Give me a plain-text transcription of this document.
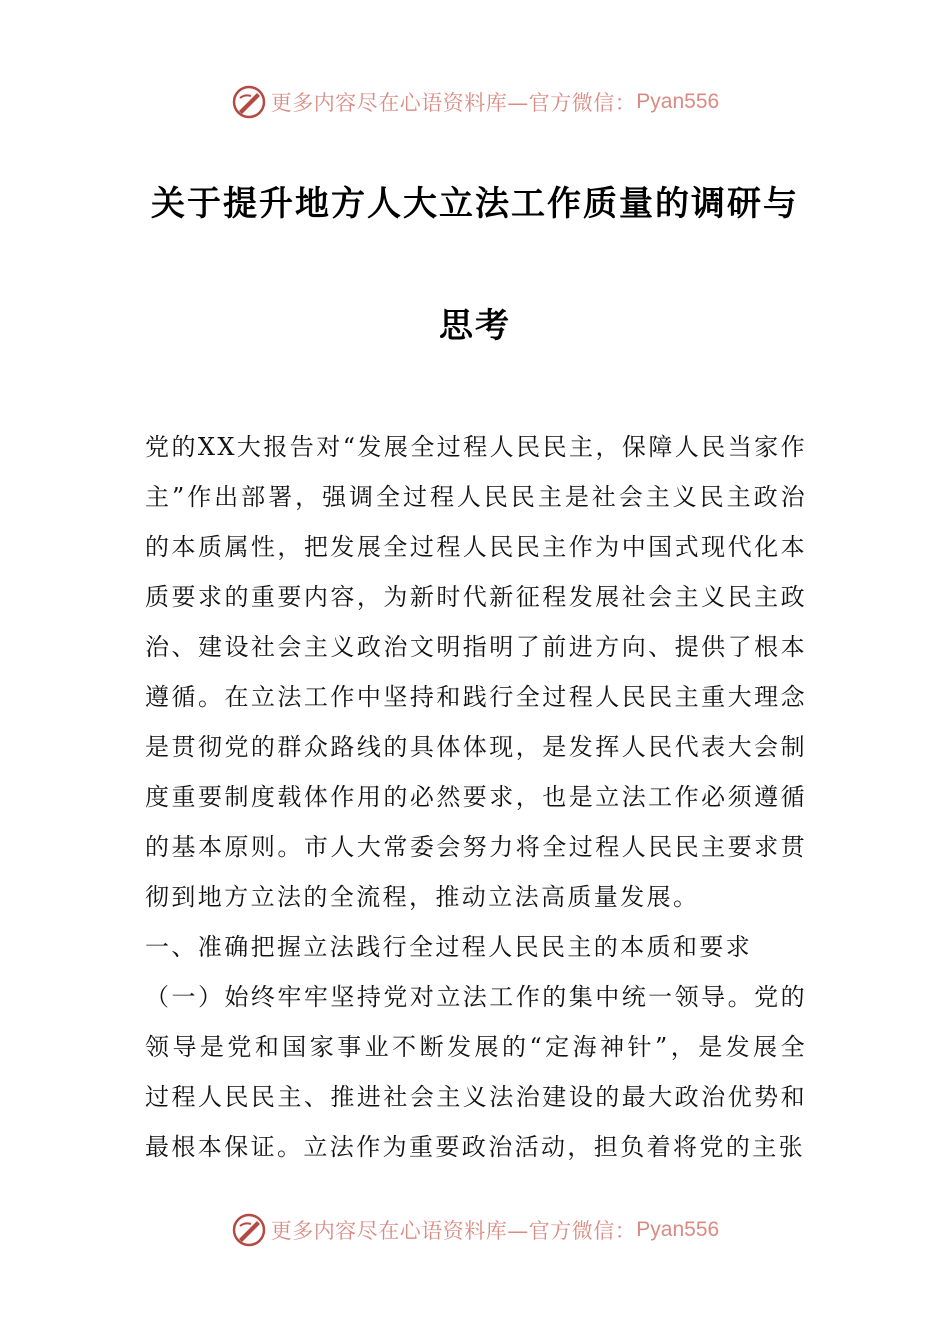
更多内容尽在心语资料库—官方微信： Pyan556
关于提升地方人大立法工作质量的调研与
思考

党的XX大报告对“发展全过程人民民主，保障人民当家作主”作出部署，强调全过程人民民主是社会主义民主政治的本质属性，把发展全过程人民民主作为中国式现代化本质要求的重要内容，为新时代新征程发展社会主义民主政治、建设社会主义政治文明指明了前进方向、提供了根本遵循。在立法工作中坚持和践行全过程人民民主重大理念是贯彻党的群众路线的具体体现，是发挥人民代表大会制度重要制度载体作用的必然要求，也是立法工作必须遵循的基本原则。市人大常委会努力将全过程人民民主要求贯彻到地方立法的全流程，推动立法高质量发展。

一、准确把握立法践行全过程人民民主的本质和要求

（一）始终牢牢坚持党对立法工作的集中统一领导。党的领导是党和国家事业不断发展的“定海神针”，是发展全过程人民民主、推进社会主义法治建设的最大政治优势和最根本保证。立法作为重要政治活动，担负着将党的主张

更多内容尽在心语资料库—官方微信： Pyan556
